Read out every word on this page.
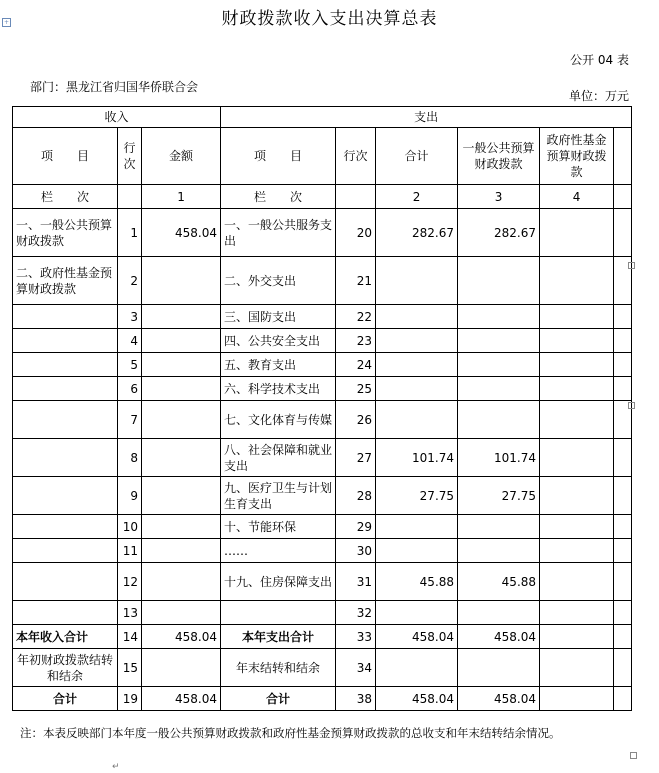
财政拨款收入支出决算总表
+
公开 04 表
部门：黑龙江省归国华侨联合会
单位：万元
收入			支出					
项　　目	行次	金额	项　　目	行次	合计	一般公共预算财政拨款	政府性基金预算财政拨款	
栏　　次		1	栏　　次		2	3	4	
一、一般公共预算财政拨款	1	458.04	一、一般公共服务支出	20	282.67	282.67		
二、政府性基金预算财政拨款	2		二、外交支出	21				
	3		三、国防支出	22				
	4		四、公共安全支出	23				
	5		五、教育支出	24				
	6		六、科学技术支出	25				
	7		七、文化体育与传媒	26				
	8		八、社会保障和就业支出	27	101.74	101.74		
	9		九、医疗卫生与计划生育支出	28	27.75	27.75		
	10		十、节能环保	29				
	11		……	30				
	12		十九、住房保障支出	31	45.88	45.88		
	13			32				
本年收入合计	14	458.04	本年支出合计	33	458.04	458.04		
年初财政拨款结转和结余	15		年末结转和结余	34				
合计	19	458.04	合计	38	458.04	458.04		
注：本表反映部门本年度一般公共预算财政拨款和政府性基金预算财政拨款的总收支和年末结转结余情况。
↵
